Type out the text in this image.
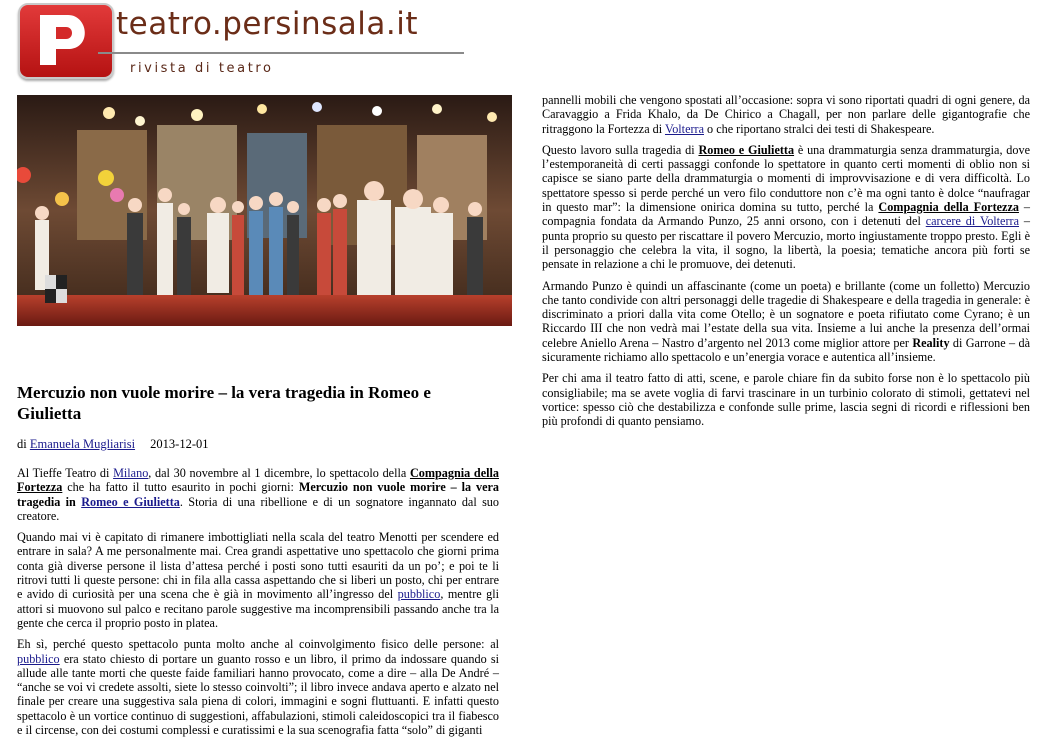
teatro.persinsala.it
rivista di teatro
Mercuzio non vuole morire – la vera tragedia in Romeo e Giulietta
di Emanuela Mugliarisi 2013-12-01

Al Tieffe Teatro di Milano, dal 30 novembre al 1 dicembre, lo spettacolo della Compagnia della Fortezza che ha fatto il tutto esaurito in pochi giorni: Mercuzio non vuole morire – la vera tragedia in Romeo e Giulietta. Storia di una ribellione e di un sognatore ingannato dal suo creatore.

Quando mai vi è capitato di rimanere imbottigliati nella scala del teatro Menotti per scendere ed entrare in sala? A me personalmente mai. Crea grandi aspettative uno spettacolo che giorni prima conta già diverse persone il lista d’attesa perché i posti sono tutti esauriti da un po’; e poi te li ritrovi tutti li queste persone: chi in fila alla cassa aspettando che si liberi un posto, chi per entrare e avido di curiosità per una scena che è già in movimento all’ingresso del pubblico, mentre gli attori si muovono sul palco e recitano parole suggestive ma incomprensibili passando anche tra la gente che cerca il proprio posto in platea.

Eh sì, perché questo spettacolo punta molto anche al coinvolgimento fisico delle persone: al pubblico era stato chiesto di portare un guanto rosso e un libro, il primo da indossare quando si allude alle tante morti che queste faide familiari hanno provocato, come a dire – alla De André – “anche se voi vi credete assolti, siete lo stesso coinvolti”; il libro invece andava aperto e alzato nel finale per creare una suggestiva sala piena di colori, immagini e sogni fluttuanti. E infatti questo spettacolo è un vortice continuo di suggestioni, affabulazioni, stimoli caleidoscopici tra il fiabesco e il circense, con dei costumi complessi e curatissimi e la sua scenografia fatta “solo” di giganti

pannelli mobili che vengono spostati all’occasione: sopra vi sono riportati quadri di ogni genere, da Caravaggio a Frida Khalo, da De Chirico a Chagall, per non parlare delle gigantografie che ritraggono la Fortezza di Volterra o che riportano stralci dei testi di Shakespeare.

Questo lavoro sulla tragedia di Romeo e Giulietta è una drammaturgia senza drammaturgia, dove l’estemporaneità di certi passaggi confonde lo spettatore in quanto certi momenti di oblio non si capisce se siano parte della drammaturgia o momenti di improvvisazione e di vera difficoltà. Lo spettatore spesso si perde perché un vero filo conduttore non c’è ma ogni tanto è dolce “naufragar in questo mar”: la dimensione onirica domina su tutto, perché la Compagnia della Fortezza – compagnia fondata da Armando Punzo, 25 anni orsono, con i detenuti del carcere di Volterra – punta proprio su questo per riscattare il povero Mercuzio, morto ingiustamente troppo presto. Egli è il personaggio che celebra la vita, il sogno, la libertà, la poesia; tematiche ancora più forti se pensate in relazione a chi le promuove, dei detenuti.

Armando Punzo è quindi un affascinante (come un poeta) e brillante (come un folletto) Mercuzio che tanto condivide con altri personaggi delle tragedie di Shakespeare e della tragedia in generale: è discriminato a priori dalla vita come Otello; è un sognatore e poeta rifiutato come Cyrano; è un Riccardo III che non vedrà mai l’estate della sua vita. Insieme a lui anche la presenza dell’ormai celebre Aniello Arena – Nastro d’argento nel 2013 come miglior attore per Reality di Garrone – dà sicuramente richiamo allo spettacolo e un’energia vorace e autentica all’insieme.

Per chi ama il teatro fatto di atti, scene, e parole chiare fin da subito forse non è lo spettacolo più consigliabile; ma se avete voglia di farvi trascinare in un turbinio colorato di stimoli, gettatevi nel vortice: spesso ciò che destabilizza e confonde sulle prime, lascia segni di ricordi e riflessioni ben più profondi di quanto pensiamo.
